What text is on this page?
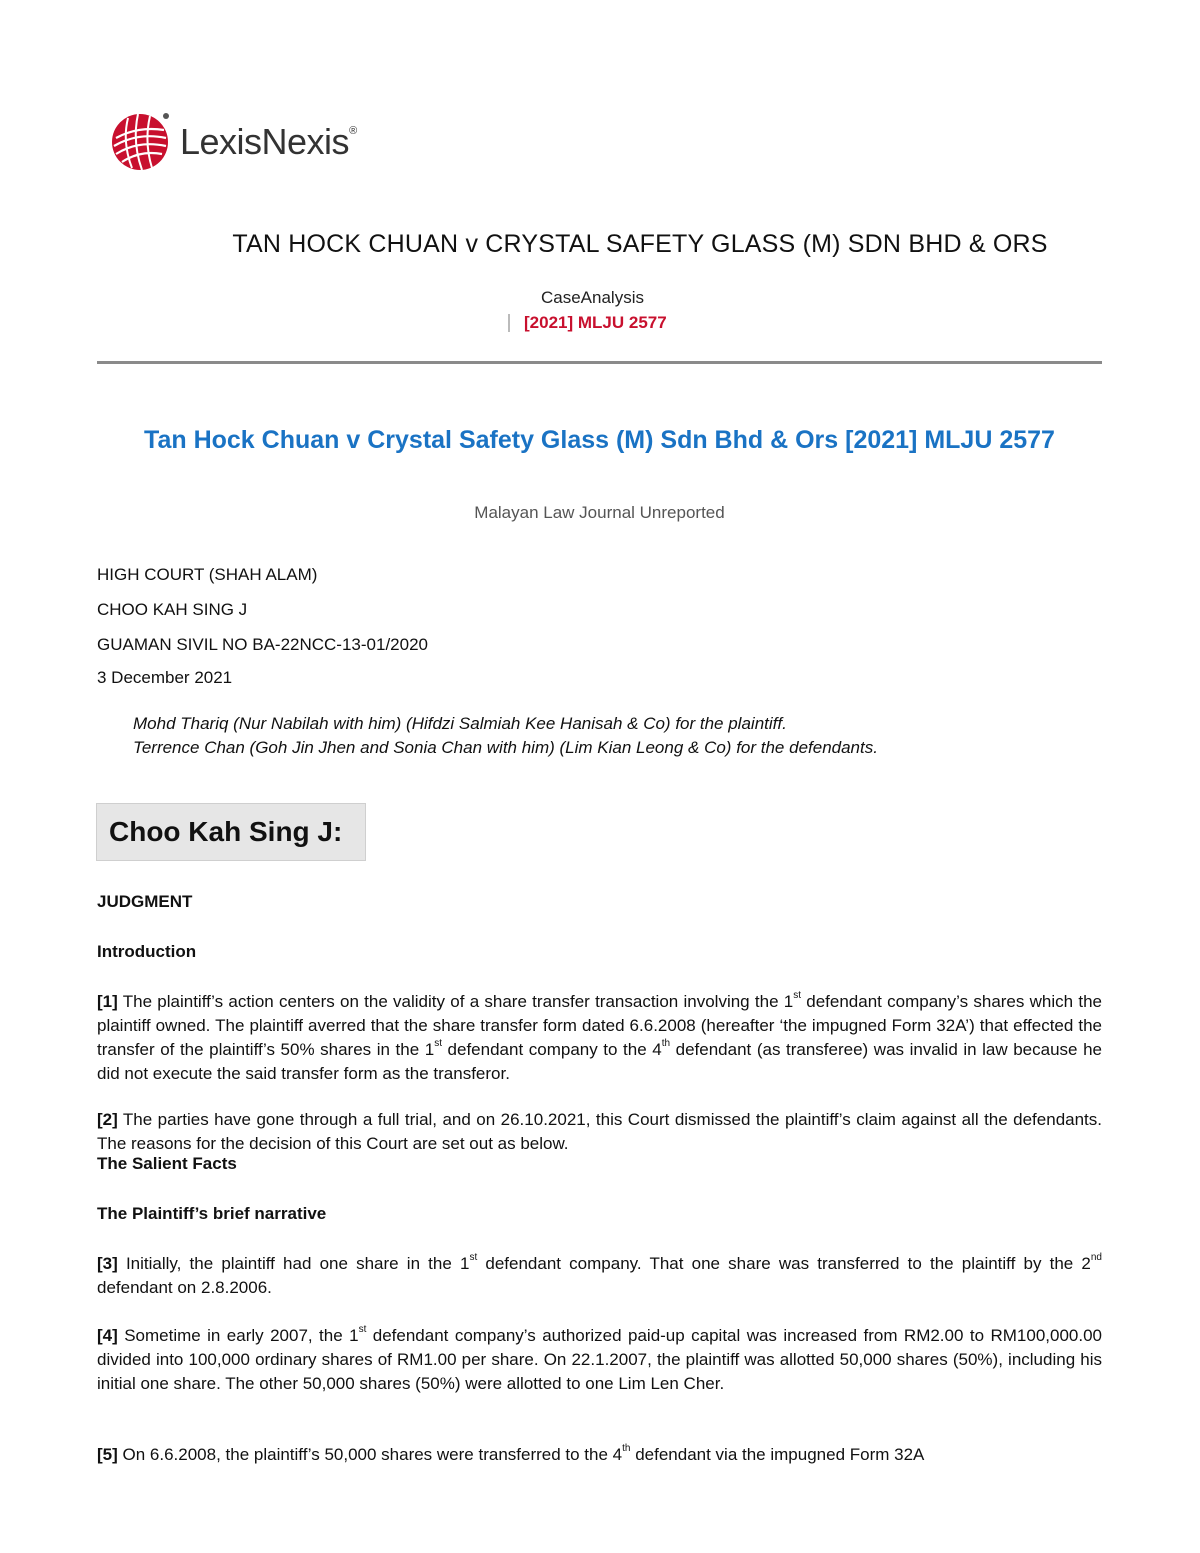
LexisNexis®
TAN HOCK CHUAN v CRYSTAL SAFETY GLASS (M) SDN BHD & ORS
CaseAnalysis
[2021] MLJU 2577
Tan Hock Chuan v Crystal Safety Glass (M) Sdn Bhd & Ors [2021] MLJU 2577
Malayan Law Journal Unreported
HIGH COURT (SHAH ALAM)
CHOO KAH SING J
GUAMAN SIVIL NO BA-22NCC-13-01/2020
3 December 2021
Mohd Thariq (Nur Nabilah with him) (Hifdzi Salmiah Kee Hanisah & Co) for the plaintiff.
Terrence Chan (Goh Jin Jhen and Sonia Chan with him) (Lim Kian Leong & Co) for the defendants.
Choo Kah Sing J:
JUDGMENT
Introduction
[1] The plaintiff’s action centers on the validity of a share transfer transaction involving the 1st defendant company’s shares which the plaintiff owned. The plaintiff averred that the share transfer form dated 6.6.2008 (hereafter ‘the impugned Form 32A’) that effected the transfer of the plaintiff’s 50% shares in the 1st defendant company to the 4th defendant (as transferee) was invalid in law because he did not execute the said transfer form as the transferor.
[2] The parties have gone through a full trial, and on 26.10.2021, this Court dismissed the plaintiff’s claim against all the defendants. The reasons for the decision of this Court are set out as below.
The Salient Facts
The Plaintiff’s brief narrative
[3] Initially, the plaintiff had one share in the 1st defendant company. That one share was transferred to the plaintiff by the 2nd defendant on 2.8.2006.
[4] Sometime in early 2007, the 1st defendant company’s authorized paid-up capital was increased from RM2.00 to RM100,000.00 divided into 100,000 ordinary shares of RM1.00 per share. On 22.1.2007, the plaintiff was allotted 50,000 shares (50%), including his initial one share. The other 50,000 shares (50%) were allotted to one Lim Len Cher.
[5] On 6.6.2008, the plaintiff’s 50,000 shares were transferred to the 4th defendant via the impugned Form 32A
